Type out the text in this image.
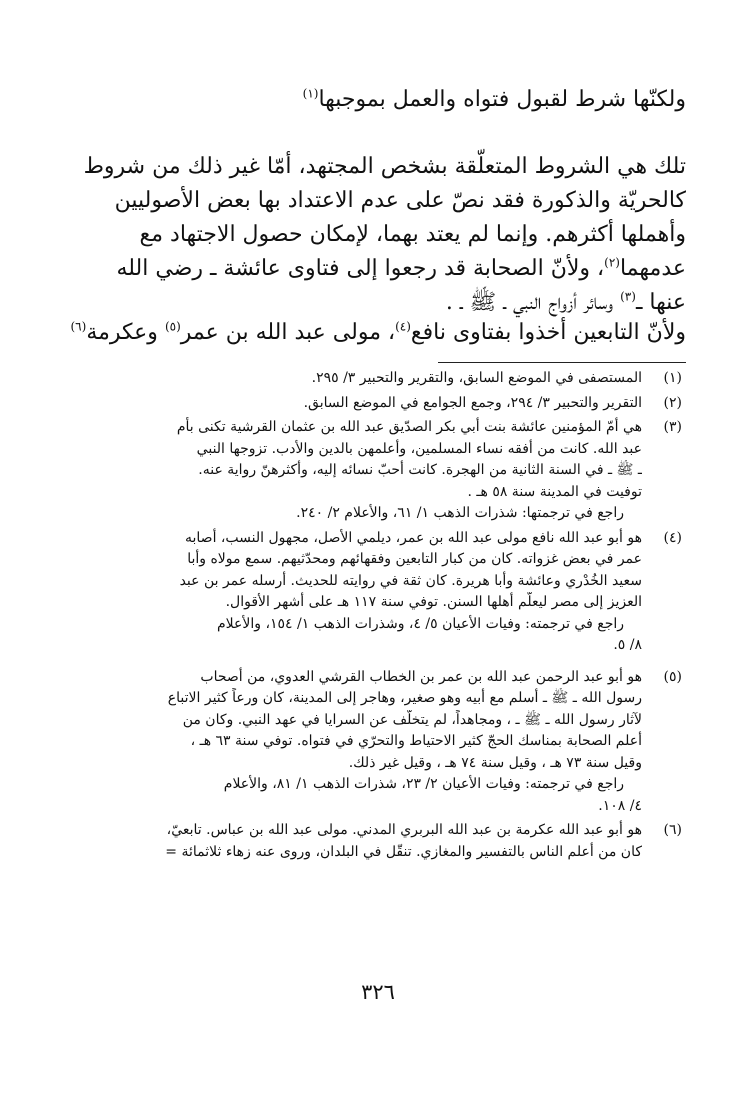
ولكنّها شرط لقبول فتواه والعمل بموجبها$^{(١)}$
تلك هي الشروط المتعلّقة بشخص المجتهد، أمّا غير ذلك من شروط
كالحريّة والذكورة فقد نصّ على عدم الاعتداد بها بعض الأصوليين
وأهملها أكثرهم. وإنما لم يعتد بهما، لإمكان حصول الاجتهاد مع
عدمهما$^{(٢)}$، ولأنّ الصحابة قد رجعوا إلى فتاوى عائشة ـ رضي الله
عنها ـ$^{(٣)}$ وسائر أزواج النبي ـ ﷺ ـ .
ولأنّ التابعين أخذوا بفتاوى نافع$^{(٤)}$، مولى عبد الله بن عمر$^{(٥)}$ وعكرمة$^{(٦)}$
(١)
المستصفى في الموضع السابق، والتقرير والتحبير ٣/ ٢٩٥.
(٢)
التقرير والتحبير ٣/ ٢٩٤، وجمع الجوامع في الموضع السابق.
(٣)
هي أمّ المؤمنين عائشة بنت أبي بكر الصدّيق عبد الله بن عثمان القرشية تكنى بأم
عبد الله. كانت من أفقه نساء المسلمين، وأعلمهن بالدين والأدب. تزوجها النبي
ـ ﷺ ـ في السنة الثانية من الهجرة. كانت أحبّ نسائه إليه، وأكثرهنّ رواية عنه.
توفيت في المدينة سنة ٥٨ هـ .
راجع في ترجمتها: شذرات الذهب ١/ ٦١، والأعلام ٢/ ٢٤٠.
(٤)
هو أبو عبد الله نافع مولى عبد الله بن عمر، ديلمي الأصل، مجهول النسب، أصابه
عمر في بعض غزواته. كان من كبار التابعين وفقهائهم ومحدّثيهم. سمع مولاه وأبا
سعيد الخُدْري وعائشة وأبا هريرة. كان ثقة في روايته للحديث. أرسله عمر بن عبد
العزيز إلى مصر ليعلّم أهلها السنن. توفي سنة ١١٧ هـ على أشهر الأقوال.
راجع في ترجمته: وفيات الأعيان ٥/ ٤، وشذرات الذهب ١/ ١٥٤، والأعلام
٨/ ٥.
(٥)
هو أبو عبد الرحمن عبد الله بن عمر بن الخطاب القرشي العدوي، من أصحاب
رسول الله ـ ﷺ ـ أسلم مع أبيه وهو صغير، وهاجر إلى المدينة، كان ورعاً كثير الاتباع
لآثار رسول الله ـ ﷺ ـ ، ومجاهداً، لم يتخلّف عن السرايا في عهد النبي. وكان من
أعلم الصحابة بمناسك الحجّ كثير الاحتياط والتحرّي في فتواه. توفي سنة ٦٣ هـ ،
وقيل سنة ٧٣ هـ ، وقيل سنة ٧٤ هـ ، وقيل غير ذلك.
راجع في ترجمته: وفيات الأعيان ٢/ ٢٣، شذرات الذهب ١/ ٨١، والأعلام
٤/ ١٠٨.
(٦)
هو أبو عبد الله عكرمة بن عبد الله البربري المدني. مولى عبد الله بن عباس. تابعيّ،
كان من أعلم الناس بالتفسير والمغازي. تنقّل في البلدان، وروى عنه زهاء ثلاثمائة =
٣٢٦
